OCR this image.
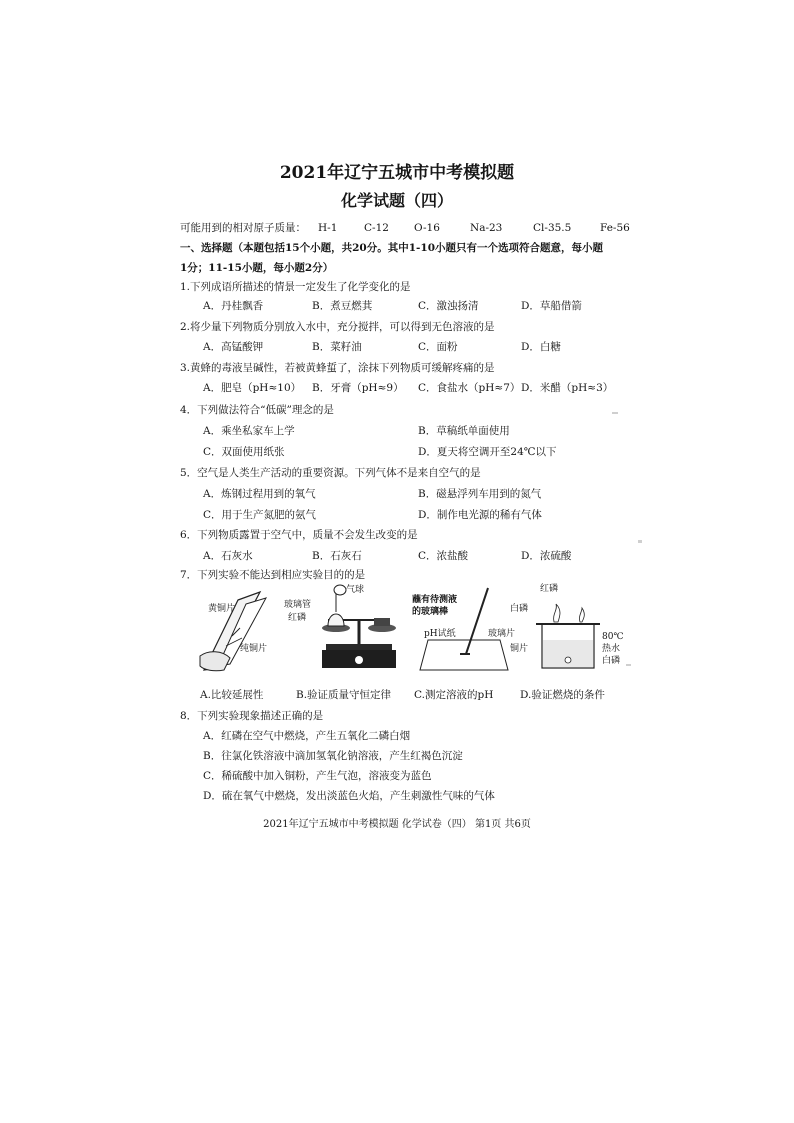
2021年辽宁五城市中考模拟题
化学试题（四）
可能用到的相对原子质量： H-1	C-12 O-16	Na-23	Cl-35.5	Fe-56
一、选择题（本题包括15个小题，共20分。其中1-10小题只有一个选项符合题意，每小题
1分；11-15小题，每小题2分）
1.下列成语所描述的情景一定发生了化学变化的是
A．丹桂飘香	B．煮豆燃萁	C．激浊扬清	D．草船借箭
2.将少量下列物质分别放入水中，充分搅拌，可以得到无色溶液的是
A．高锰酸钾	B．菜籽油	C．面粉	D．白糖
3.黄蜂的毒液呈碱性，若被黄蜂蜇了，涂抹下列物质可缓解疼痛的是
A．肥皂（pH≈10） B．牙膏（pH≈9） C．食盐水（pH≈7） D．米醋（pH≈3）
4．下列做法符合“低碳”理念的是
A．乘坐私家车上学	B．草稿纸单面使用
C．双面使用纸张	D．夏天将空调开至24℃以下
5．空气是人类生产活动的重要资源。下列气体不是来自空气的是
A．炼钢过程用到的氧气	B．磁悬浮列车用到的氮气
C．用于生产氮肥的氨气	D．制作电光源的稀有气体
6．下列物质露置于空气中，质量不会发生改变的是
A．石灰水	B．石灰石	C．浓盐酸	D．浓硫酸
7．下列实验不能达到相应实验目的的是
黄铜片
纯铜片
玻璃管
红磷
气球
蘸有待测液
的玻璃棒
pH试纸	玻璃片
红磷
白磷
80℃
热水
铜片
白磷
A.比较延展性	B.验证质量守恒定律 C.测定溶液的pH	D.验证燃烧的条件
8．下列实验现象描述正确的是
A．红磷在空气中燃烧，产生五氧化二磷白烟
B．往氯化铁溶液中滴加氢氧化钠溶液，产生红褐色沉淀
C．稀硫酸中加入铜粉，产生气泡，溶液变为蓝色
D．硫在氧气中燃烧，发出淡蓝色火焰，产生刺激性气味的气体
2021年辽宁五城市中考模拟题 化学试卷（四） 第1页 共6页
